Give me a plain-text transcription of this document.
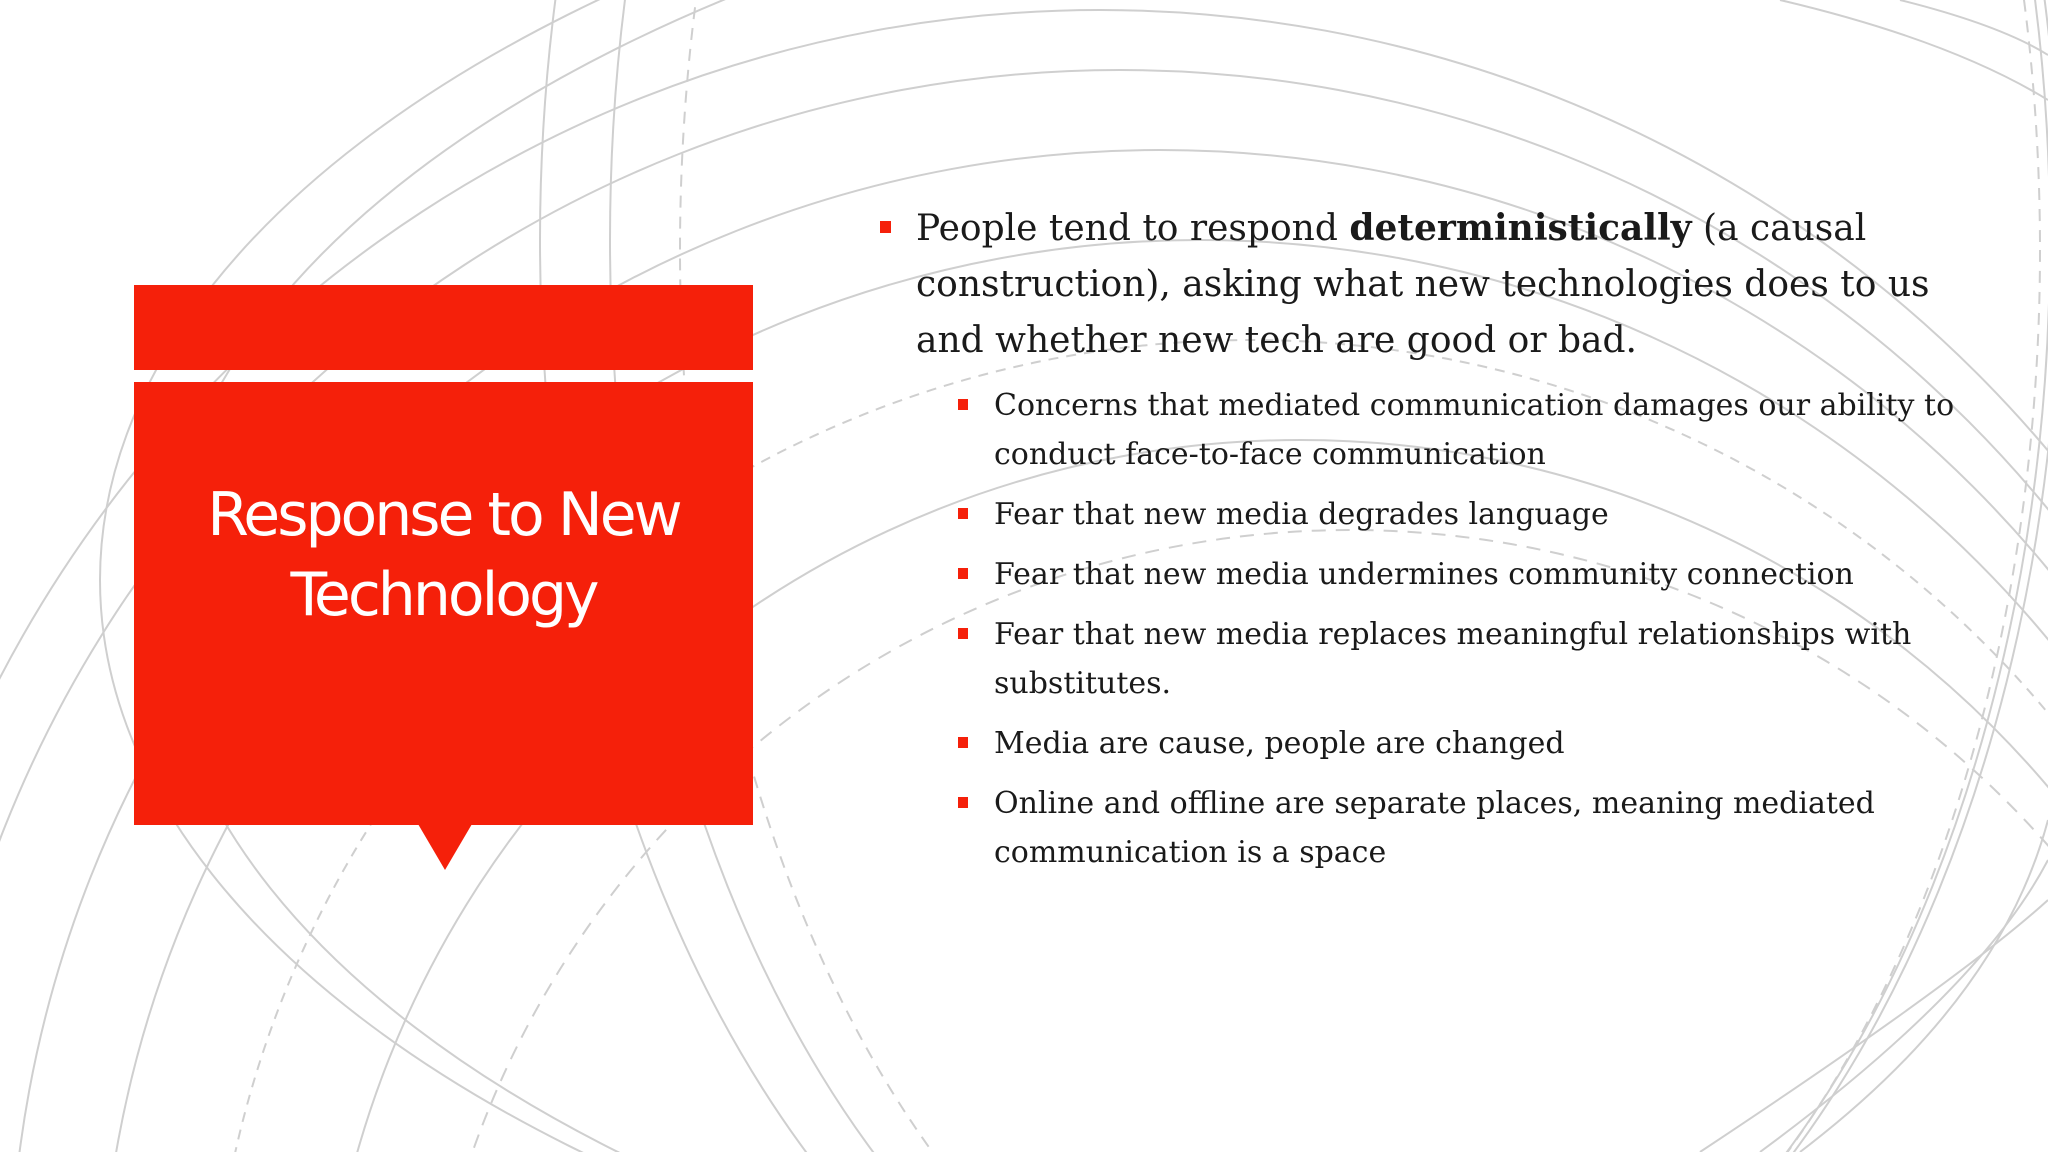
Response to New Technology
People tend to respond deterministically (a causal construction), asking what new technologies does to us and whether new tech are good or bad.
Concerns that mediated communication damages our ability to conduct face-to-face communication
Fear that new media degrades language
Fear that new media undermines community connection
Fear that new media replaces meaningful relationships with substitutes.
Media are cause, people are changed
Online and offline are separate places, meaning mediated communication is a space
